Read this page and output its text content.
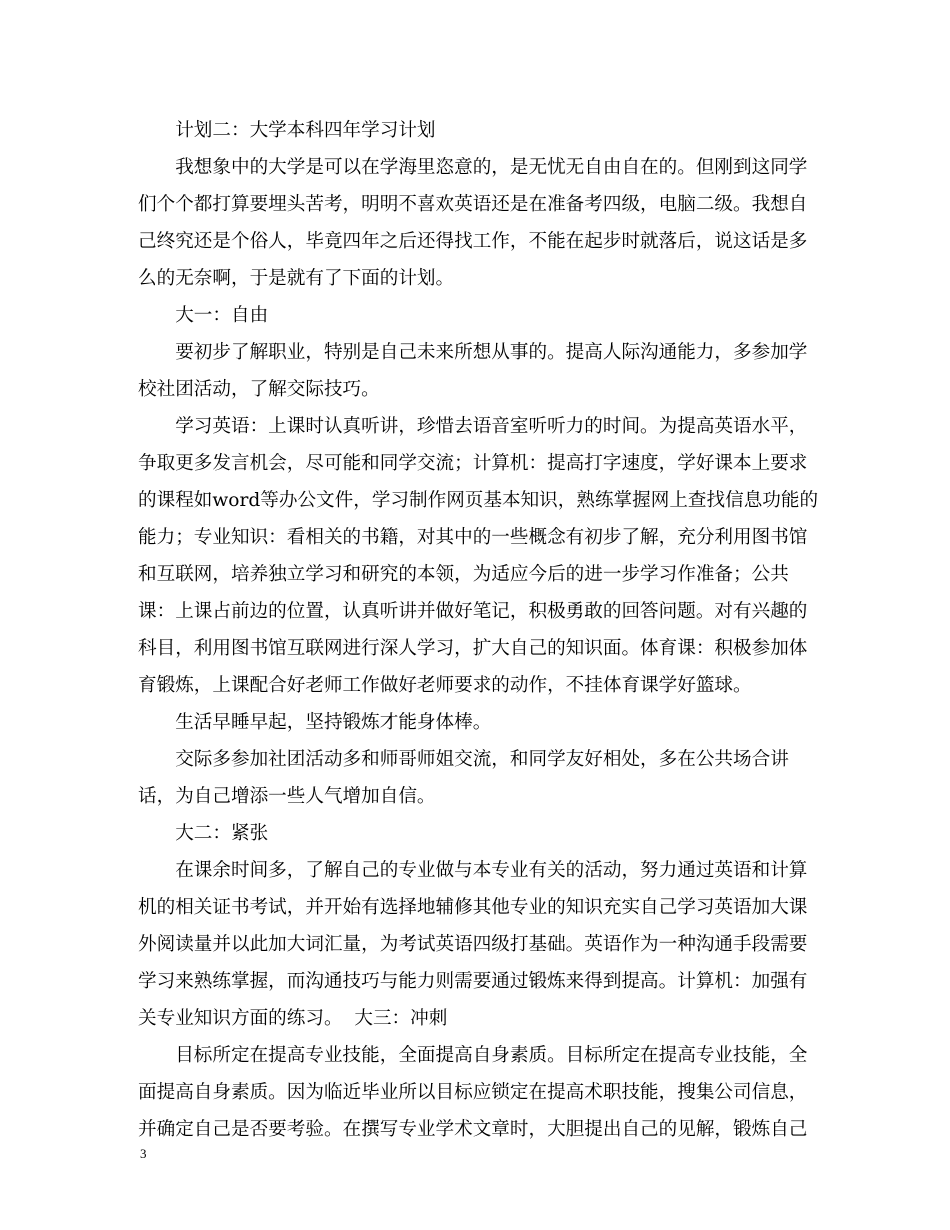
计划二：大学本科四年学习计划

我想象中的大学是可以在学海里恣意的，是无忧无自由自在的。但刚到这同学们个个都打算要埋头苦考，明明不喜欢英语还是在准备考四级，电脑二级。我想自己终究还是个俗人，毕竟四年之后还得找工作，不能在起步时就落后，说这话是多么的无奈啊，于是就有了下面的计划。

大一：自由

要初步了解职业，特别是自己未来所想从事的。提高人际沟通能力，多参加学校社团活动，了解交际技巧。

学习英语：上课时认真听讲，珍惜去语音室听听力的时间。为提高英语水平，争取更多发言机会，尽可能和同学交流；计算机：提高打字速度，学好课本上要求的课程如word等办公文件，学习制作网页基本知识，熟练掌握网上查找信息功能的能力；专业知识：看相关的书籍，对其中的一些概念有初步了解，充分利用图书馆和互联网，培养独立学习和研究的本领，为适应今后的进一步学习作准备；公共课：上课占前边的位置，认真听讲并做好笔记，积极勇敢的回答问题。对有兴趣的科目，利用图书馆互联网进行深人学习，扩大自己的知识面。体育课：积极参加体育锻炼，上课配合好老师工作做好老师要求的动作，不挂体育课学好篮球。

生活早睡早起，坚持锻炼才能身体棒。

交际多参加社团活动多和师哥师姐交流，和同学友好相处，多在公共场合讲话，为自己增添一些人气增加自信。

大二：紧张

在课余时间多，了解自己的专业做与本专业有关的活动，努力通过英语和计算机的相关证书考试，并开始有选择地辅修其他专业的知识充实自己学习英语加大课外阅读量并以此加大词汇量，为考试英语四级打基础。英语作为一种沟通手段需要学习来熟练掌握，而沟通技巧与能力则需要通过锻炼来得到提高。计算机：加强有关专业知识方面的练习。  大三：冲刺

目标所定在提高专业技能，全面提高自身素质。目标所定在提高专业技能，全面提高自身素质。因为临近毕业所以目标应锁定在提高术职技能，搜集公司信息，并确定自己是否要考验。在撰写专业学术文章时，大胆提出自己的见解，锻炼自己

3
